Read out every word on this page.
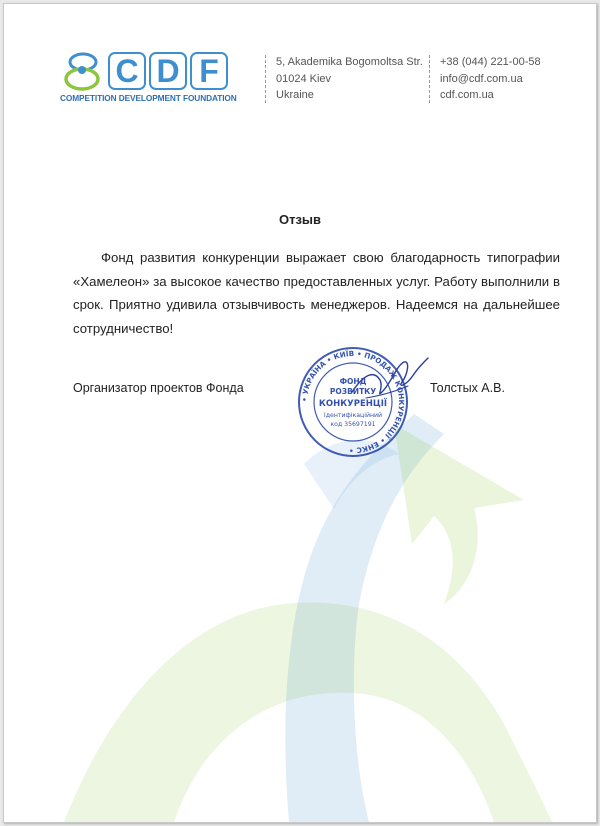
C D F
COMPETITION DEVELOPMENT FOUNDATION
5, Akademika Bogomoltsa Str.
01024 Kiev
Ukraine
+38 (044) 221-00-58
info@cdf.com.ua
cdf.com.ua
Отзыв
Фонд развития конкуренции выражает свою благодарность типографии «Хамелеон» за высокое качество предоставленных услуг. Работу выполнили в срок. Приятно удивила отзывчивость менеджеров. Надеемся на дальнейшее сотрудничество!
Организатор проектов Фонда
• УКРАЇНА • КИЇВ • ПРОДАЖ КОНКУРЕНЦІЇ • ЕНКС •
ФОНД
РОЗВИТКУ
КОНКУРЕНЦІЇ
Ідентифікаційний
код 35697191
Толстых А.В.
